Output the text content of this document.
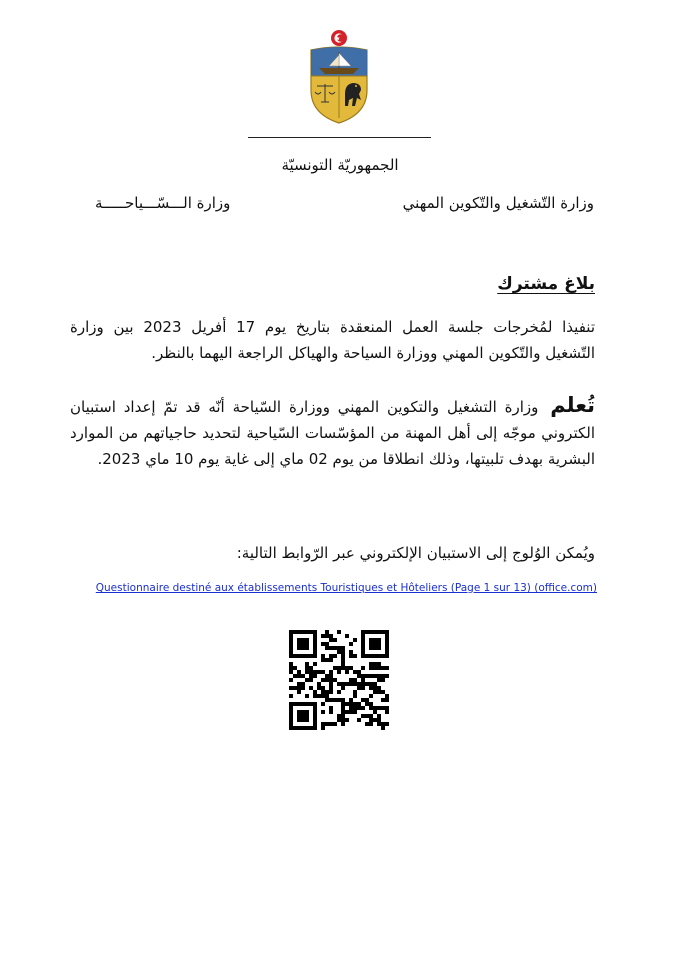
الجمهوريّة التونسيّة
وزارة التّشغيل والتّكوين المهني
وزارة الـــسّـــياحـــــة
بلاغ مشترك
تنفيذا لمُخرجات جلسة العمل المنعقدة بتاريخ يوم 17 أفريل 2023 بين وزارة التّشغيل والتّكوين المهني ووزارة السياحة والهياكل الراجعة اليهما بالنظر.
تُعلم وزارة التشغيل والتكوين المهني ووزارة السّياحة أنّه قد تمّ إعداد استبيان الكتروني موجّه إلى أهل المهنة من المؤسّسات السّياحية لتحديد حاجياتهم من الموارد البشرية بهدف تلبيتها، وذلك انطلاقا من يوم 02 ماي إلى غاية يوم 10 ماي 2023.
ويُمكن الوُلوج إلى الاستبيان الإلكتروني عبر الرّوابط التالية:
Questionnaire destiné aux établissements Touristiques et Hôteliers (Page 1 sur 13) (office.com)
